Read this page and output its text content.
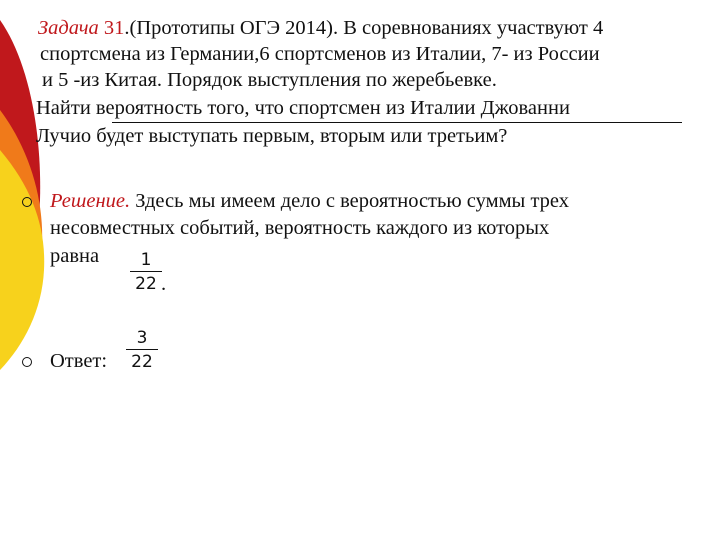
Задача 31.(Прототипы ОГЭ 2014). В соревнованиях участвуют 4
спортсмена из Германии,6 спортсменов из Италии, 7- из России
и 5 -из Китая. Порядок выступления по жеребьевке.
Найти вероятность того, что спортсмен из Италии Джованни
Лучио будет выступать первым, вторым или третьим?
Решение. Здесь мы имеем дело с вероятностью суммы трех
несовместных событий, вероятность каждого из которых
равна	1
22 .
Ответ:
3
22
